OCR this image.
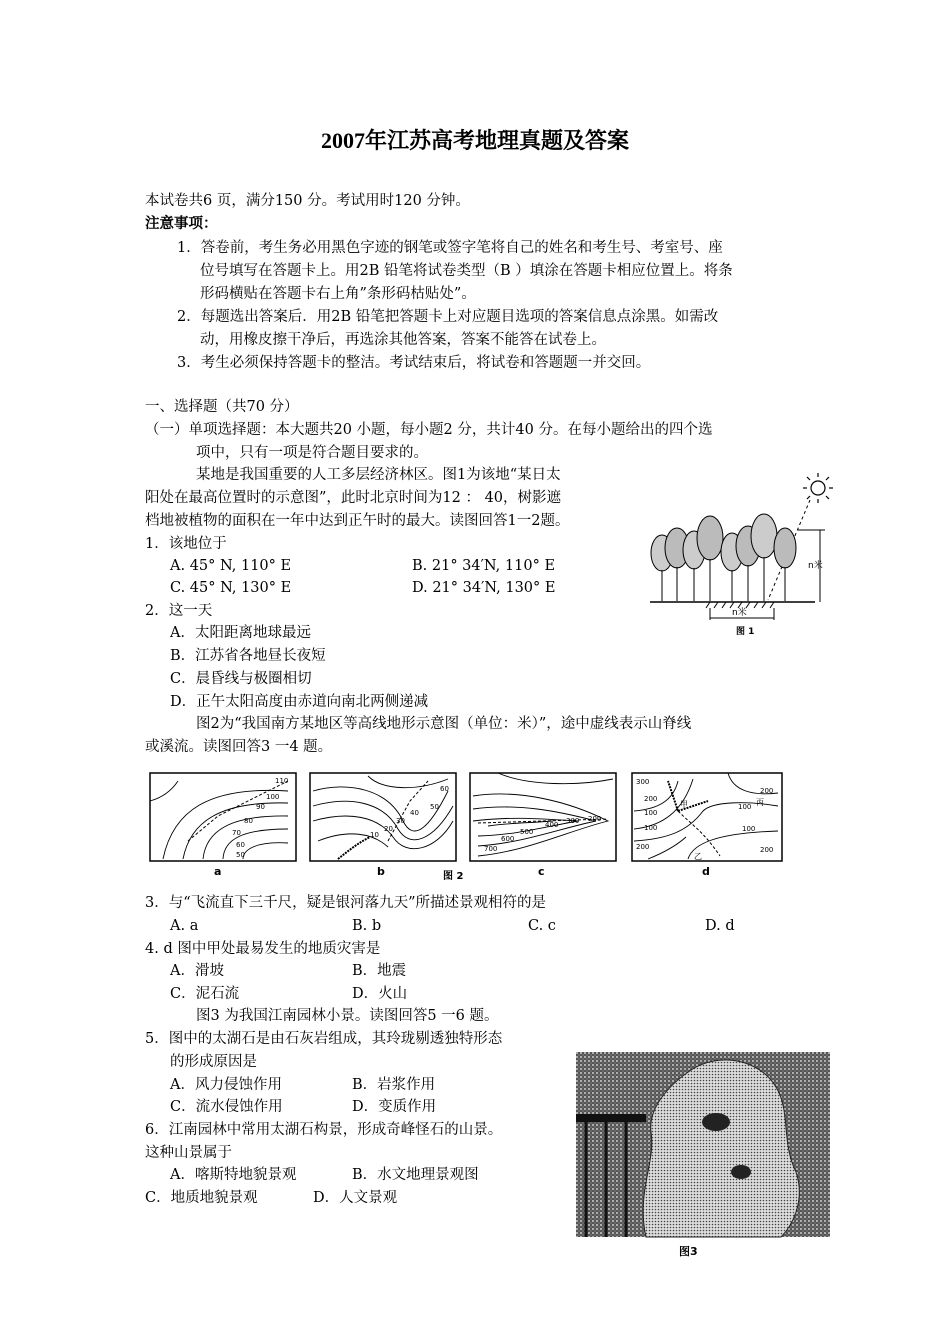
2007年江苏高考地理真题及答案
本试卷共6 页，满分150 分。考试用时120 分钟。
注意事项：
1．答卷前，考生务必用黑色字迹的钢笔或签字笔将自己的姓名和考生号、考室号、座
位号填写在答题卡上。用2B 铅笔将试卷类型（B ）填涂在答题卡相应位置上。将条
形码横贴在答题卡右上角”条形码枯贴处”。
2．每题选出答案后．用2B 铅笔把答题卡上对应题目选项的答案信息点涂黑。如需改
动，用橡皮擦干净后，再选涂其他答案，答案不能答在试卷上。
3．考生必须保持答题卡的整洁。考试结束后，将试卷和答题题一并交回。
一、选择题（共70 分）
（一）单项选择题：本大题共20 小题，每小题2 分，共计40 分。在每小题给出的四个选
项中，只有一项是符合题目要求的。
某地是我国重要的人工多层经济林区。图1为该地“某日太
阳处在最高位置时的示意图”，此时北京时间为12 ： 40，树影遮
档地被植物的面积在一年中达到正午时的最大。读图回答1一2题。
1．该地位于
A. 45° N, 110° E	B. 21° 34′N, 110° E
C. 45° N, 130° E	D. 21° 34′N, 130° E
2．这一天
A．太阳距离地球最远
B．江苏省各地昼长夜短
C．晨昏线与极圈相切
D．正午太阳高度由赤道向南北两侧递减
图2为“我国南方某地区等高线地形示意图（单位：米）”，途中虚线表示山脊线
或溪流。读图回答3 一4 题。
n米
n米
图 1
110
100
90
80
70
60
50
a
60
50
40
30
20
10
b
600
500
400 300 200
700
c
300
200
100
100
200
100
200
100
200
甲	丙
乙
d
图 2
3．与“飞流直下三千尺，疑是银河落九天”所描述景观相符的是
A. a	B. b	C. c	D. d
4. d 图中甲处最易发生的地质灾害是
A．滑坡	B．地震
C．泥石流	D．火山
图3 为我国江南园林小景。读图回答5 一6 题。
5．图中的太湖石是由石灰岩组成，其玲珑剔透独特形态
的形成原因是
A．风力侵蚀作用	B．岩浆作用
C．流水侵蚀作用	D．变质作用
6．江南园林中常用太湖石构景，形成奇峰怪石的山景。
这种山景属于
A．喀斯特地貌景观	B．水文地理景观图
C．地质地貌景观	D．人文景观
图3
